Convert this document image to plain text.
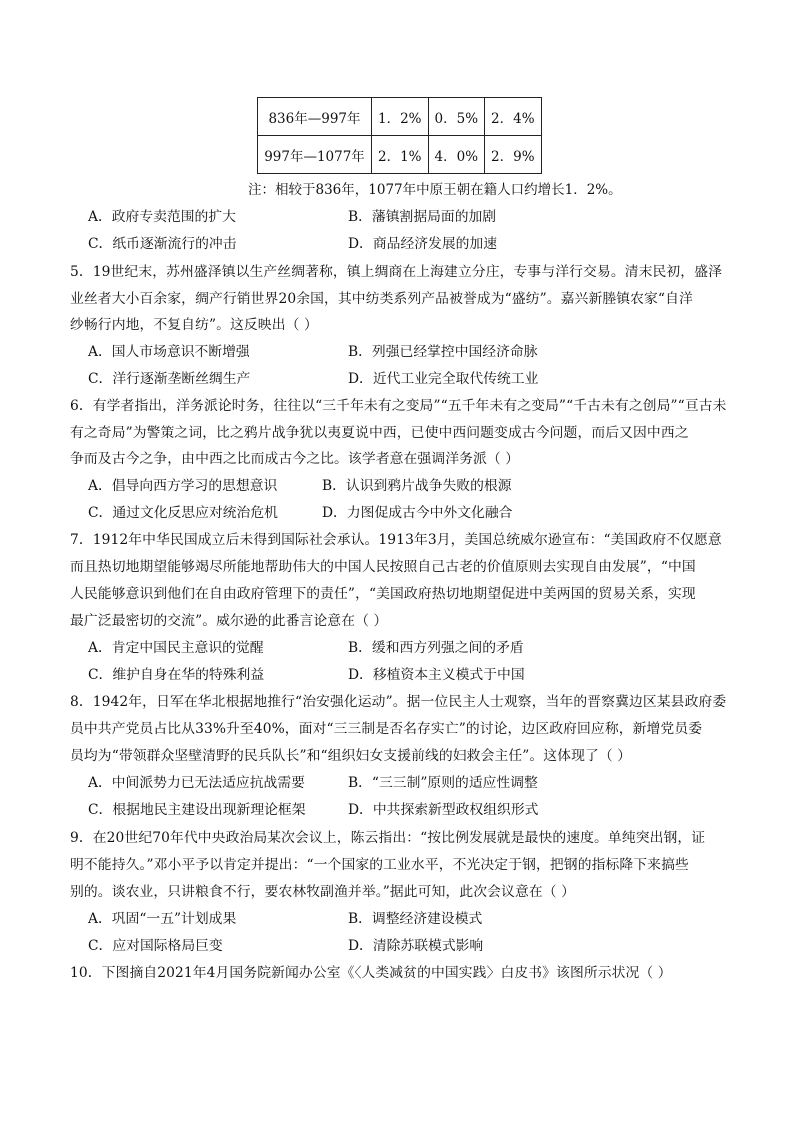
836年—997年	1．2%	0．5%	2．4%
997年—1077年	2．1%	4．0%	2．9%
注：相较于836年，1077年中原王朝在籍人口约增长1．2%。
A．政府专卖范围的扩大	B．藩镇割据局面的加剧
C．纸币逐渐流行的冲击	D．商品经济发展的加速
5．19世纪末，苏州盛泽镇以生产丝绸著称，镇上绸商在上海建立分庄，专事与洋行交易。清末民初，盛泽
业丝者大小百余家，绸产行销世界20余国，其中纺类系列产品被誉成为“盛纺”。嘉兴新塍镇农家“自洋
纱畅行内地，不复自纺”。这反映出（ ）
A．国人市场意识不断增强	B．列强已经掌控中国经济命脉
C．洋行逐渐垄断丝绸生产	D．近代工业完全取代传统工业
6．有学者指出，洋务派论时务，往往以“三千年未有之变局”“五千年未有之变局”“千古未有之创局”“亘古未
有之奇局”为警策之词，比之鸦片战争犹以夷夏说中西，已使中西问题变成古今问题，而后又因中西之
争而及古今之争，由中西之比而成古今之比。该学者意在强调洋务派（ ）
A．倡导向西方学习的思想意识	B．认识到鸦片战争失败的根源
C．通过文化反思应对统治危机	D．力图促成古今中外文化融合
7．1912年中华民国成立后未得到国际社会承认。1913年3月，美国总统威尔逊宣布：“美国政府不仅愿意
而且热切地期望能够竭尽所能地帮助伟大的中国人民按照自己古老的价值原则去实现自由发展”，“中国
人民能够意识到他们在自由政府管理下的责任”，“美国政府热切地期望促进中美两国的贸易关系，实现
最广泛最密切的交流”。威尔逊的此番言论意在（ ）
A．肯定中国民主意识的觉醒	B．缓和西方列强之间的矛盾
C．维护自身在华的特殊利益	D．移植资本主义模式于中国
8．1942年，日军在华北根据地推行“治安强化运动”。据一位民主人士观察，当年的晋察冀边区某县政府委
员中共产党员占比从33%升至40%，面对“三三制是否名存实亡”的讨论，边区政府回应称，新增党员委
员均为“带领群众坚壁清野的民兵队长”和“组织妇女支援前线的妇救会主任”。这体现了（ ）
A．中间派势力已无法适应抗战需要	B．“三三制”原则的适应性调整
C．根据地民主建设出现新理论框架	D．中共探索新型政权组织形式
9．在20世纪70年代中央政治局某次会议上，陈云指出：“按比例发展就是最快的速度。单纯突出钢，证
明不能持久。”邓小平予以肯定并提出：“一个国家的工业水平，不光决定于钢，把钢的指标降下来搞些
别的。谈农业，只讲粮食不行，要农林牧副渔并举。”据此可知，此次会议意在（ ）
A．巩固“一五”计划成果	B．调整经济建设模式
C．应对国际格局巨变	D．清除苏联模式影响
10．下图摘自2021年4月国务院新闻办公室《〈人类减贫的中国实践〉白皮书》该图所示状况（ ）
